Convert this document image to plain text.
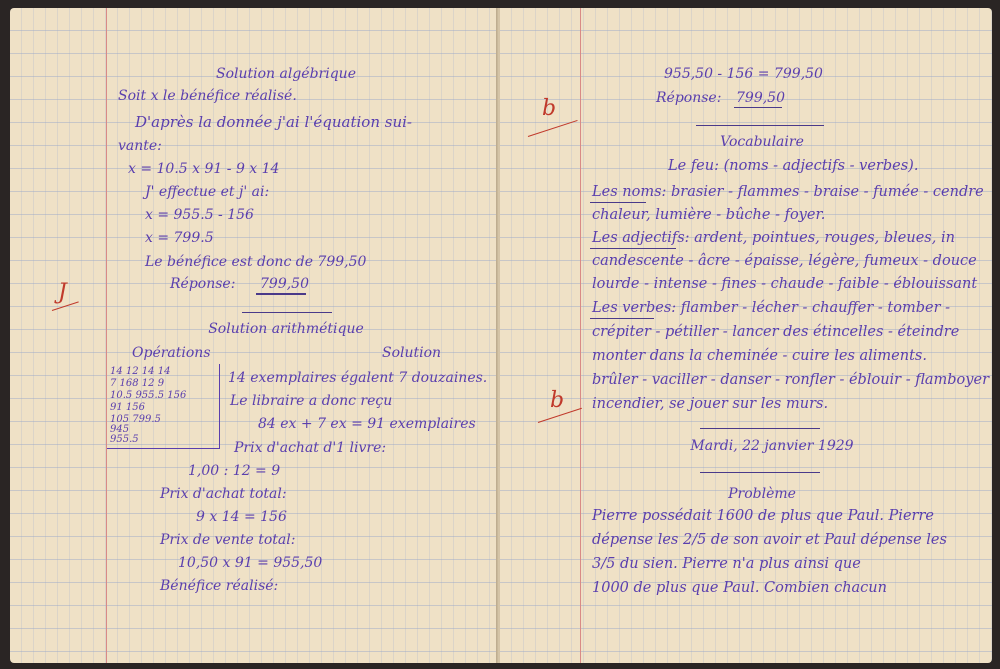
Solution algébrique
Soit x le bénéfice réalisé.
D'après la donnée j'ai l'équation sui-
vante:
x = 10.5 x 91 - 9 x 14
J' effectue et j' ai:
x = 955.5 - 156
x = 799.5
Le bénéfice est donc de 799,50
Réponse: 799,50
J
Solution arithmétique
Opérations	Solution
14 12 14 14
7 168 12 9
10.5 955.5 156
91 156
105 799.5
945
955.5
14 exemplaires égalent 7 douzaines.
Le libraire a donc reçu
84 ex + 7 ex = 91 exemplaires
Prix d'achat d'1 livre:
1,00 : 12 = 9
Prix d'achat total:
9 x 14 = 156
Prix de vente total:
10,50 x 91 = 955,50
Bénéfice réalisé:
955,50 - 156 = 799,50
Réponse: 799,50
b
Vocabulaire
Le feu: (noms - adjectifs - verbes).
Les noms: brasier - flammes - braise - fumée - cendre
chaleur, lumière - bûche - foyer.
Les adjectifs: ardent, pointues, rouges, bleues, in
candescente - âcre - épaisse, légère, fumeux - douce
lourde - intense - fines - chaude - faible - éblouissant
Les verbes: flamber - lécher - chauffer - tomber -
crépiter - pétiller - lancer des étincelles - éteindre
monter dans la cheminée - cuire les aliments.
brûler - vaciller - danser - ronfler - éblouir - flamboyer
incendier, se jouer sur les murs.
b
Mardi, 22 janvier 1929
Problème
Pierre possédait 1600 de plus que Paul. Pierre
dépense les 2/5 de son avoir et Paul dépense les
3/5 du sien. Pierre n'a plus ainsi que
1000 de plus que Paul. Combien chacun
